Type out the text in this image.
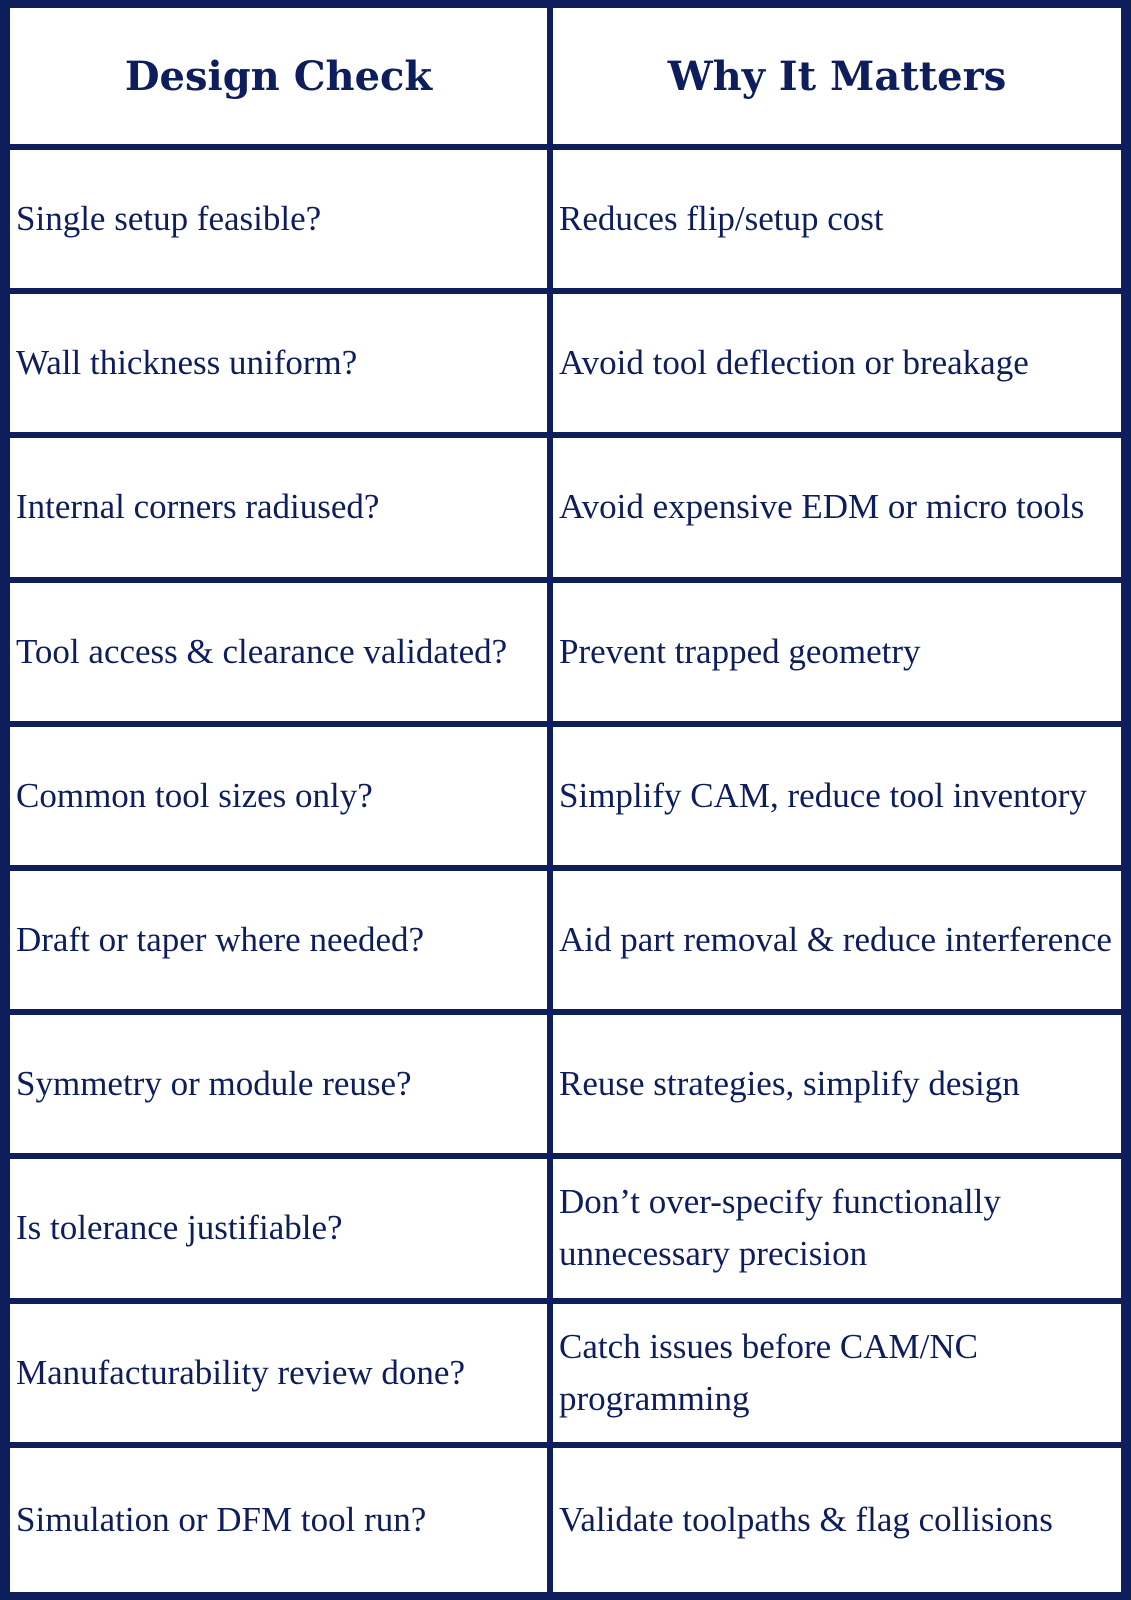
Design Check	Why It Matters
Single setup feasible?	Reduces flip/setup cost
Wall thickness uniform?	Avoid tool deflection or breakage
Internal corners radiused?	Avoid expensive EDM or micro tools
Tool access & clearance validated?	Prevent trapped geometry
Common tool sizes only?	Simplify CAM, reduce tool inventory
Draft or taper where needed?	Aid part removal & reduce interference
Symmetry or module reuse?	Reuse strategies, simplify design
Is tolerance justifiable?	Don’t over-specify functionally unnecessary precision
Manufacturability review done?	Catch issues before CAM/NC programming
Simulation or DFM tool run?	Validate toolpaths & flag collisions
